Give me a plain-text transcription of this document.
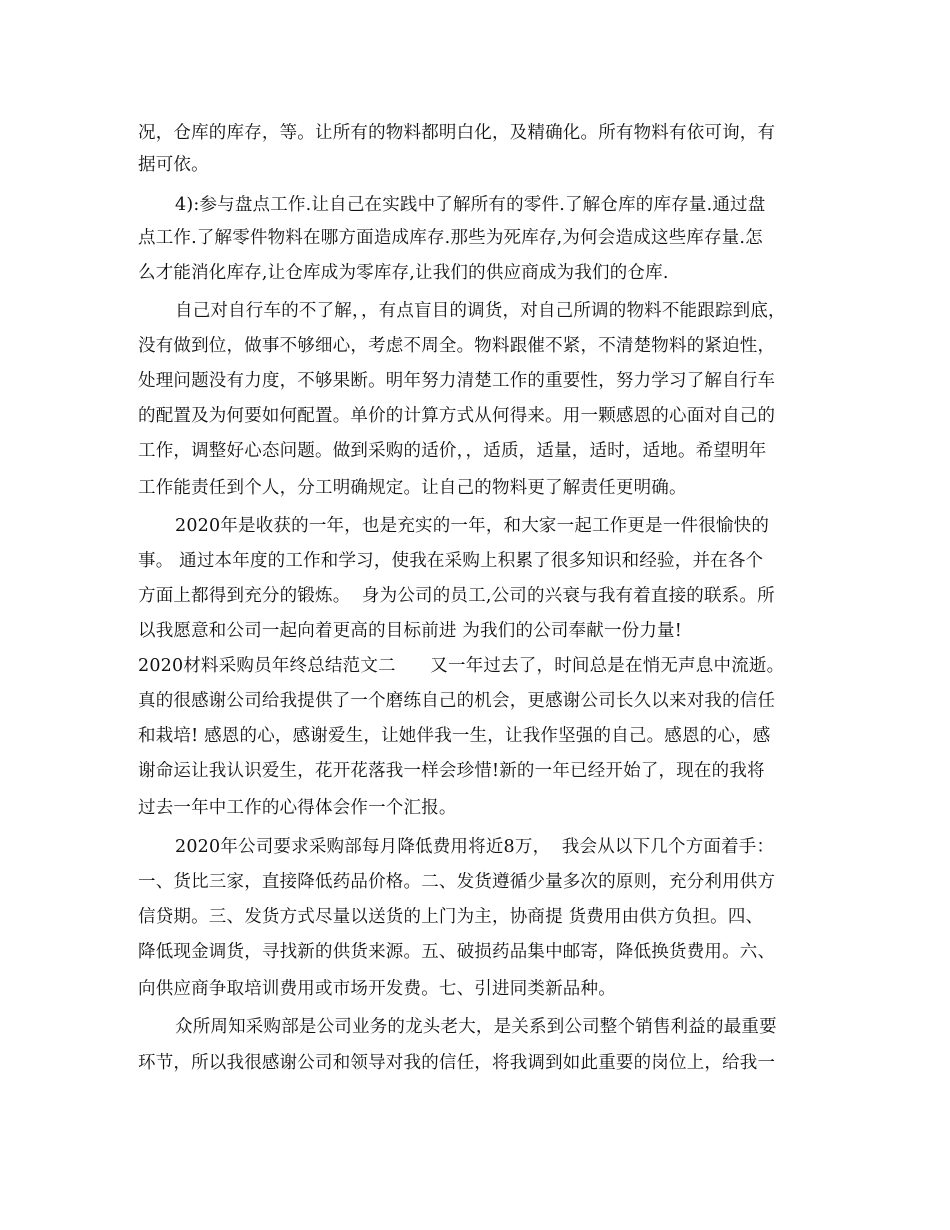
况，仓库的库存，等。让所有的物料都明白化，及精确化。所有物料有依可询，有
据可依。
4):参与盘点工作.让自己在实践中了解所有的零件.了解仓库的库存量.通过盘
点工作.了解零件物料在哪方面造成库存.那些为死库存,为何会造成这些库存量.怎
么才能消化库存,让仓库成为零库存,让我们的供应商成为我们的仓库.
自己对自行车的不了解，，有点盲目的调货，对自己所调的物料不能跟踪到底，
没有做到位，做事不够细心，考虑不周全。物料跟催不紧，不清楚物料的紧迫性，
处理问题没有力度，不够果断。明年努力清楚工作的重要性，努力学习了解自行车
的配置及为何要如何配置。单价的计算方式从何得来。用一颗感恩的心面对自己的
工作，调整好心态问题。做到采购的适价，，适质，适量，适时，适地。希望明年
工作能责任到个人，分工明确规定。让自己的物料更了解责任更明确。
2020年是收获的一年，也是充实的一年，和大家一起工作更是一件很愉快的
事。 通过本年度的工作和学习，使我在采购上积累了很多知识和经验，并在各个
方面上都得到充分的锻炼。  身为公司的员工,公司的兴衰与我有着直接的联系。所
以我愿意和公司一起向着更高的目标前进 为我们的公司奉献一份力量!
2020材料采购员年终总结范文二      又一年过去了，时间总是在悄无声息中流逝。
真的很感谢公司给我提供了一个磨练自己的机会，更感谢公司长久以来对我的信任
和栽培! 感恩的心，感谢爱生，让她伴我一生，让我作坚强的自己。感恩的心，感
谢命运让我认识爱生，花开花落我一样会珍惜!新的一年已经开始了，现在的我将
过去一年中工作的心得体会作一个汇报。
2020年公司要求采购部每月降低费用将近8万，  我会从以下几个方面着手：
一、货比三家，直接降低药品价格。二、发货遵循少量多次的原则，充分利用供方
信贷期。三、发货方式尽量以送货的上门为主，协商提 货费用由供方负担。四、
降低现金调货，寻找新的供货来源。五、破损药品集中邮寄，降低换货费用。六、
向供应商争取培训费用或市场开发费。七、引进同类新品种。
众所周知采购部是公司业务的龙头老大，是关系到公司整个销售利益的最重要
环节，所以我很感谢公司和领导对我的信任，将我调到如此重要的岗位上，给我一
